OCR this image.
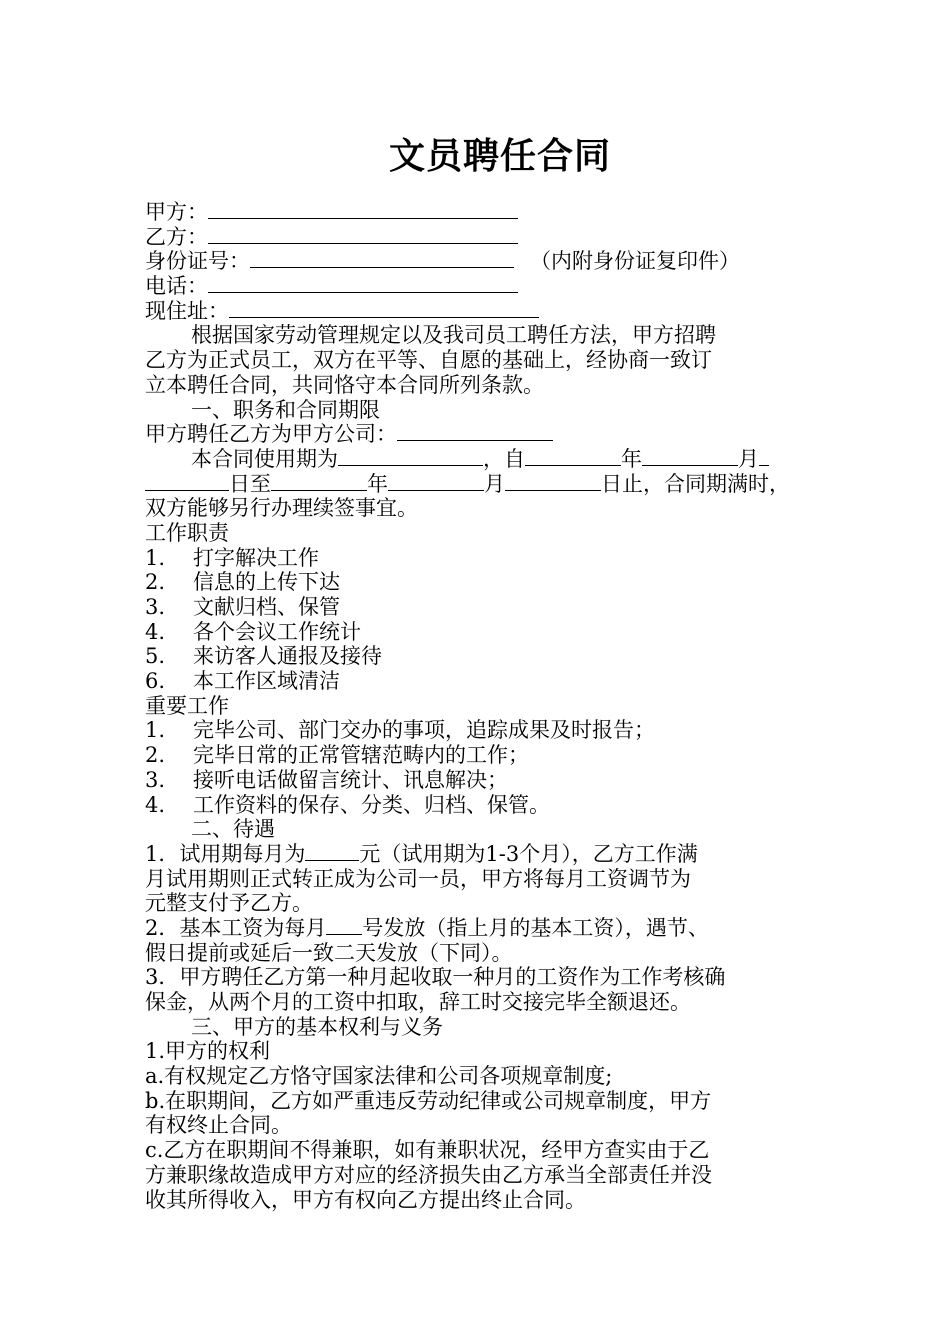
文员聘任合同
甲方：
乙方：
身份证号：	（内附身份证复印件）
电话：
现住址：
根据国家劳动管理规定以及我司员工聘任方法，甲方招聘
乙方为正式员工，双方在平等、自愿的基础上，经协商一致订
立本聘任合同，共同恪守本合同所列条款。
一、职务和合同期限
甲方聘任乙方为甲方公司：
本合同使用期为	，自	年	月
日至	年	月	日止，合同期满时，
双方能够另行办理续签事宜。
工作职责
1. 打字解决工作
2. 信息的上传下达
3. 文献归档、保管
4. 各个会议工作统计
5. 来访客人通报及接待
6. 本工作区域清洁
重要工作
1. 完毕公司、部门交办的事项，追踪成果及时报告；
2. 完毕日常的正常管辖范畴内的工作；
3. 接听电话做留言统计、讯息解决；
4. 工作资料的保存、分类、归档、保管。
二、待遇
1．试用期每月为	元（试用期为1-3个月），乙方工作满
月试用期则正式转正成为公司一员，甲方将每月工资调节为
元整支付予乙方。
2．基本工资为每月 号发放（指上月的基本工资），遇节、
假日提前或延后一致二天发放（下同）。
3．甲方聘任乙方第一种月起收取一种月的工资作为工作考核确
保金，从两个月的工资中扣取，辞工时交接完毕全额退还。
三、甲方的基本权利与义务
1.甲方的权利
a.有权规定乙方恪守国家法律和公司各项规章制度;
b.在职期间，乙方如严重违反劳动纪律或公司规章制度，甲方
有权终止合同。
c.乙方在职期间不得兼职，如有兼职状况，经甲方查实由于乙
方兼职缘故造成甲方对应的经济损失由乙方承当全部责任并没
收其所得收入，甲方有权向乙方提出终止合同。
